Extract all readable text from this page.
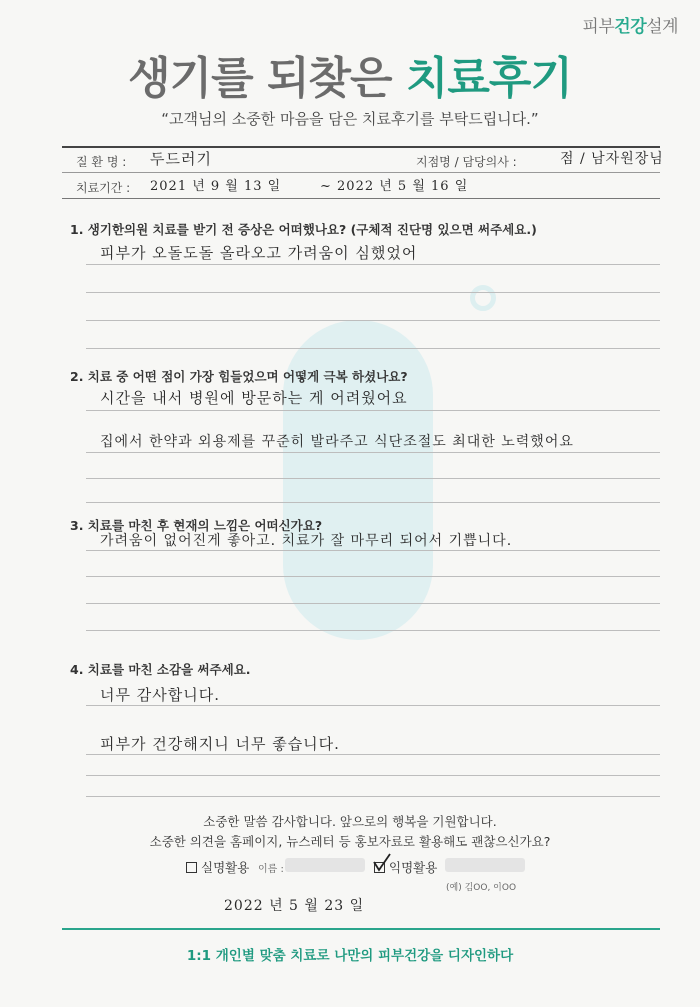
피부건강설계
생기를 되찾은 치료후기
“고객님의 소중한 마음을 담은 치료후기를 부탁드립니다.”
질 환 명 : 두드러기	지점명 / 담당의사 :	점 / 남자원장님
치료기간 : 2021 년 9 월 13 일	~ 2022 년 5 월 16 일
1. 생기한의원 치료를 받기 전 증상은 어떠했나요? (구체적 진단명 있으면 써주세요.)
피부가 오돌도돌 올라오고 가려움이 심했었어
2. 치료 중 어떤 점이 가장 힘들었으며 어떻게 극복 하셨나요?
시간을 내서 병원에 방문하는 게 어려웠어요
집에서 한약과 외용제를 꾸준히 발라주고 식단조절도 최대한 노력했어요
3. 치료를 마친 후 현재의 느낌은 어떠신가요?
가려움이 없어진게 좋아고. 치료가 잘 마무리 되어서 기쁩니다.
4. 치료를 마친 소감을 써주세요.
너무 감사합니다.
피부가 건강해지니 너무 좋습니다.
소중한 말씀 감사합니다. 앞으로의 행복을 기원합니다.
소중한 의견을 홈페이지, 뉴스레터 등 홍보자료로 활용해도 괜찮으신가요?
실명활용 이름 :	익명활용
(예) 김OO, 이OO
2022 년 5 월 23 일
1:1 개인별 맞춤 치료로 나만의 피부건강을 디자인하다
